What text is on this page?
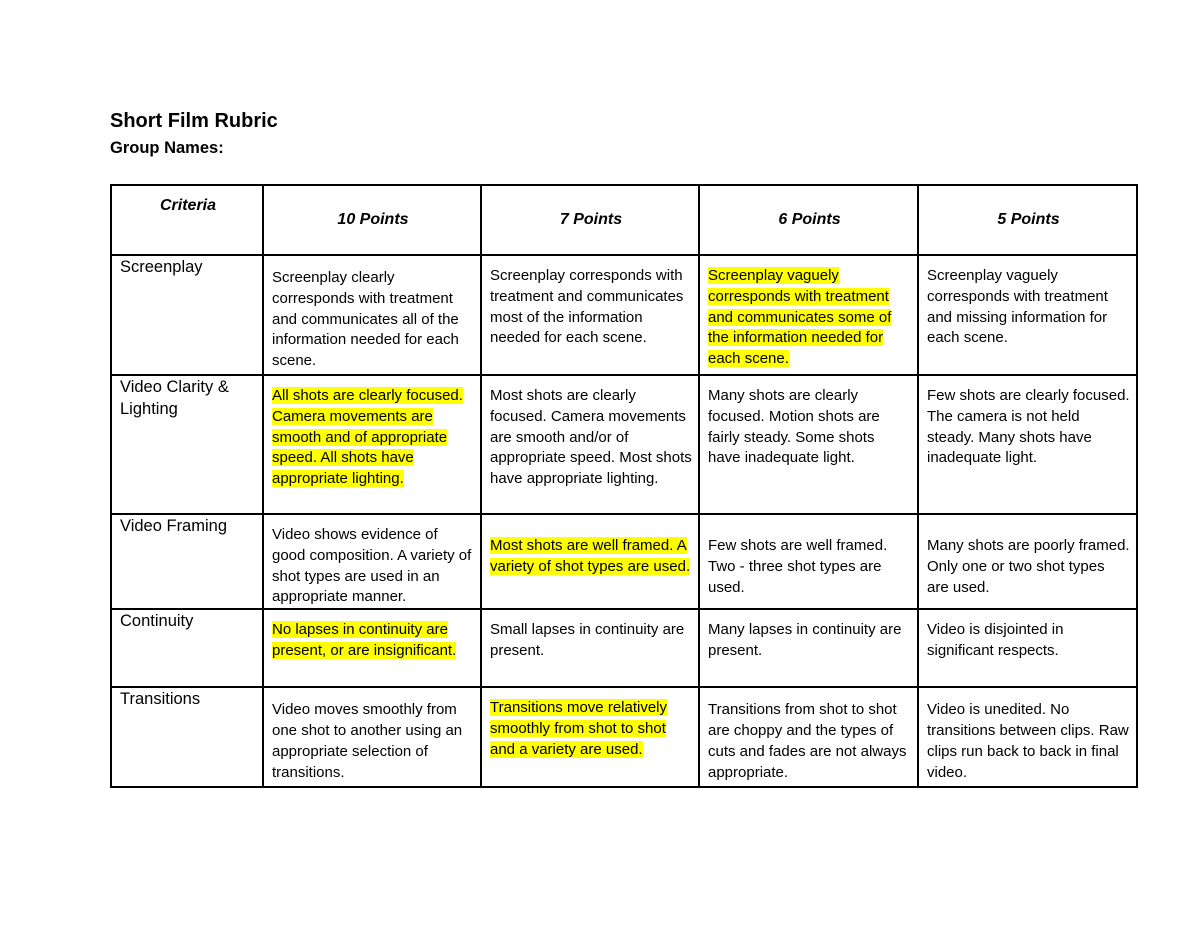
Short Film Rubric
Group Names:
Criteria	10 Points	7 Points	6 Points	5 Points
Screenplay	Screenplay clearly corresponds with treatment and communicates all of the information needed for each scene.	Screenplay corresponds with treatment and communicates most of the information needed for each scene.	Screenplay vaguely corresponds with treatment and communicates some of the information needed for each scene.	Screenplay vaguely corresponds with treatment and missing information for each scene.

Video Clarity & Lighting	All shots are clearly focused. Camera movements are smooth and of appropriate speed. All shots have appropriate lighting.	Most shots are clearly focused. Camera movements are smooth and/or of appropriate speed. Most shots have appropriate lighting.	Many shots are clearly focused. Motion shots are fairly steady. Some shots have inadequate light.	Few shots are clearly focused. The camera is not held steady. Many shots have inadequate light.

Video Framing	Video shows evidence of good composition. A variety of shot types are used in an appropriate manner.	Most shots are well framed. A variety of shot types are used.	Few shots are well framed. Two - three shot types are used.	Many shots are poorly framed. Only one or two shot types are used.

Continuity	No lapses in continuity are present, or are insignificant.	Small lapses in continuity are present.	Many lapses in continuity are present.	Video is disjointed in significant respects.

Transitions	Video moves smoothly from one shot to another using an appropriate selection of transitions.	Transitions move relatively smoothly from shot to shot and a variety are used.	Transitions from shot to shot are choppy and the types of cuts and fades are not always appropriate.	Video is unedited. No transitions between clips. Raw clips run back to back in final video.
